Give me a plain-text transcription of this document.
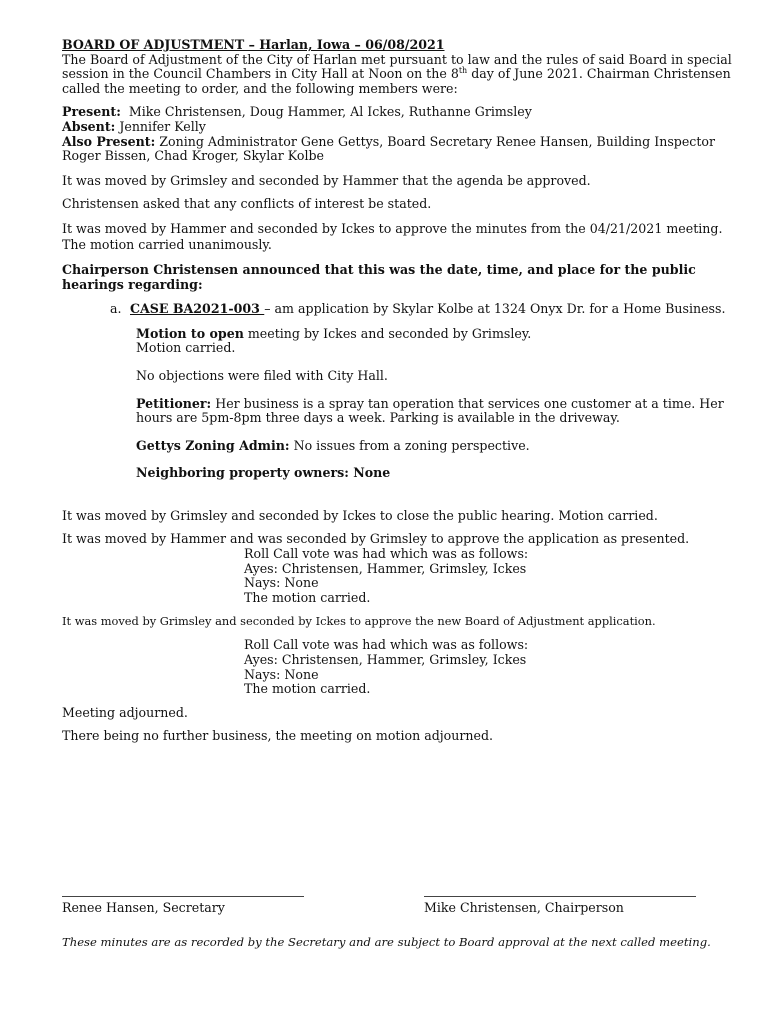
BOARD OF ADJUSTMENT – Harlan, Iowa – 06/08/2021

The Board of Adjustment of the City of Harlan met pursuant to law and the rules of said Board in special session in the Council Chambers in City Hall at Noon on the 8th day of June 2021. Chairman Christensen called the meeting to order, and the following members were:

Present:  Mike Christensen, Doug Hammer, Al Ickes, Ruthanne Grimsley

Absent: Jennifer Kelly

Also Present: Zoning Administrator Gene Gettys, Board Secretary Renee Hansen, Building Inspector Roger Bissen, Chad Kroger, Skylar Kolbe

It was moved by Grimsley and seconded by Hammer that the agenda be approved.

Christensen asked that any conflicts of interest be stated.

It was moved by Hammer and seconded by Ickes to approve the minutes from the 04/21/2021 meeting. The motion carried unanimously.

Chairperson Christensen announced that this was the date, time, and place for the public hearings regarding:

a. CASE BA2021-003 – am application by Skylar Kolbe at 1324 Onyx Dr. for a Home Business.

Motion to open meeting by Ickes and seconded by Grimsley.
Motion carried.

No objections were filed with City Hall.

Petitioner: Her business is a spray tan operation that services one customer at a time. Her hours are 5pm-8pm three days a week. Parking is available in the driveway.

Gettys Zoning Admin: No issues from a zoning perspective.

Neighboring property owners: None

It was moved by Grimsley and seconded by Ickes to close the public hearing. Motion carried.

It was moved by Hammer and was seconded by Grimsley to approve the application as presented.

Roll Call vote was had which was as follows:

Ayes: Christensen, Hammer, Grimsley, Ickes

Nays: None

The motion carried.

It was moved by Grimsley and seconded by Ickes to approve the new Board of Adjustment application.

Roll Call vote was had which was as follows:

Ayes: Christensen, Hammer, Grimsley, Ickes

Nays: None

The motion carried.

Meeting adjourned.

There being no further business, the meeting on motion adjourned.

Renee Hansen, Secretary	Mike Christensen, Chairperson

These minutes are as recorded by the Secretary and are subject to Board approval at the next called meeting.
